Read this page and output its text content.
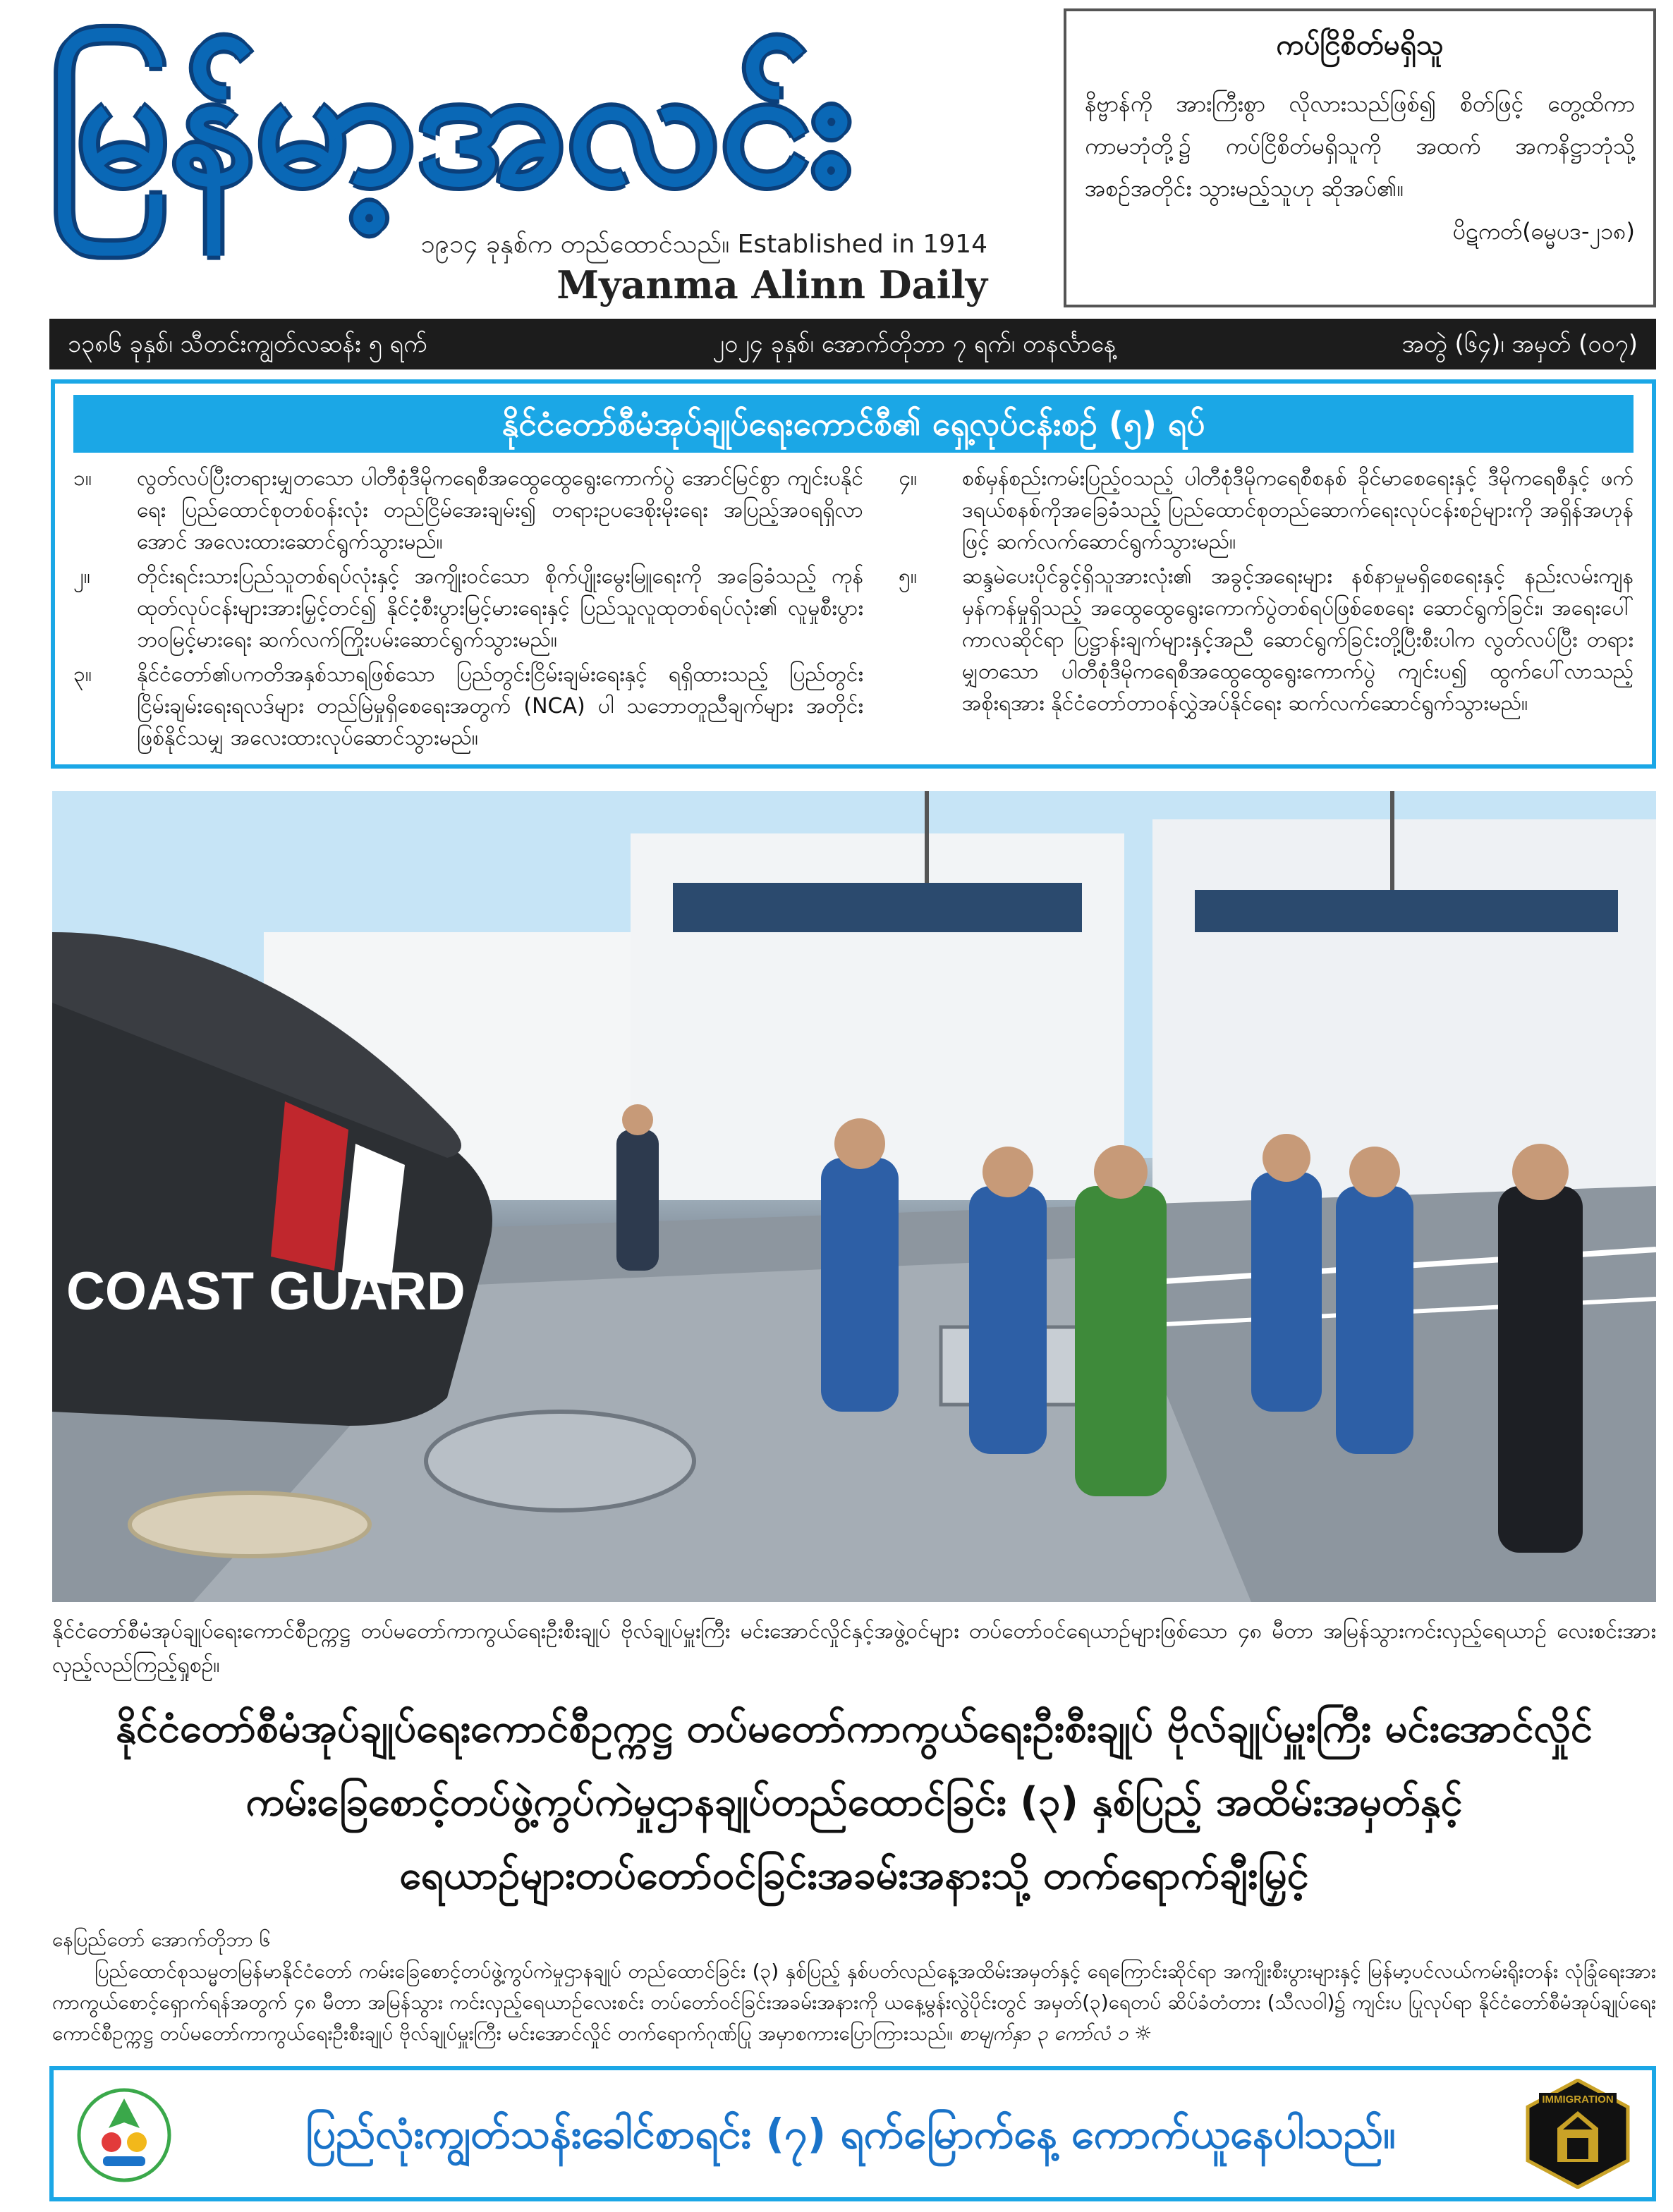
မြန်မာ့အလင်း
၁၉၁၄ ခုနှစ်က တည်ထောင်သည်။ Established in 1914
Myanma Alinn Daily
ကပ်ငြိစိတ်မရှိသူ
နိဗ္ဗာန်ကို အားကြီးစွာ လိုလားသည်ဖြစ်၍ စိတ်ဖြင့် တွေ့ထိကာ ကာမဘုံတို့၌ ကပ်ငြိစိတ်မရှိသူကို အထက် အကနိဋ္ဌာဘုံသို့ အစဉ်အတိုင်း သွားမည့်သူဟု ဆိုအပ်၏။
ပိဋကတ်(ဓမ္မပဒ-၂၁၈)
၁၃၈၆ ခုနှစ်၊ သီတင်းကျွတ်လဆန်း ၅ ရက်	၂၀၂၄ ခုနှစ်၊ အောက်တိုဘာ ၇ ရက်၊ တနင်္လာနေ့	အတွဲ (၆၄)၊ အမှတ် (၀၀၇)
နိုင်ငံတော်စီမံအုပ်ချုပ်ရေးကောင်စီ၏ ရှေ့လုပ်ငန်းစဉ် (၅) ရပ်
၁။	လွတ်လပ်ပြီးတရားမျှတသော ပါတီစုံဒီမိုကရေစီအထွေထွေရွေးကောက်ပွဲ အောင်မြင်စွာ ကျင်းပနိုင်ရေး ပြည်ထောင်စုတစ်ဝန်းလုံး တည်ငြိမ်အေးချမ်း၍ တရားဥပဒေစိုးမိုးရေး အပြည့်အဝရရှိလာအောင် အလေးထားဆောင်ရွက်သွားမည်။
၂။	တိုင်းရင်းသားပြည်သူတစ်ရပ်လုံးနှင့် အကျိုးဝင်သော စိုက်ပျိုးမွေးမြူရေးကို အခြေခံသည့် ကုန်ထုတ်လုပ်ငန်းများအားမြှင့်တင်၍ နိုင်ငံ့စီးပွားမြင့်မားရေးနှင့် ပြည်သူလူထုတစ်ရပ်လုံး၏ လူမှုစီးပွားဘဝမြင့်မားရေး ဆက်လက်ကြိုးပမ်းဆောင်ရွက်သွားမည်။
၃။	နိုင်ငံတော်၏ပကတိအနှစ်သာရဖြစ်သော ပြည်တွင်းငြိမ်းချမ်းရေးနှင့် ရရှိထားသည့် ပြည်တွင်း ငြိမ်းချမ်းရေးရလဒ်များ တည်မြဲမှုရှိစေရေးအတွက် (NCA) ပါ သဘောတူညီချက်များ အတိုင်း ဖြစ်နိုင်သမျှ အလေးထားလုပ်ဆောင်သွားမည်။
၄။	စစ်မှန်စည်းကမ်းပြည့်ဝသည့် ပါတီစုံဒီမိုကရေစီစနစ် ခိုင်မာစေရေးနှင့် ဒီမိုကရေစီနှင့် ဖက်ဒရယ်စနစ်ကိုအခြေခံသည့် ပြည်ထောင်စုတည်ဆောက်ရေးလုပ်ငန်းစဉ်များကို အရှိန်အဟုန်ဖြင့် ဆက်လက်ဆောင်ရွက်သွားမည်။
၅။	ဆန္ဒမဲပေးပိုင်ခွင့်ရှိသူအားလုံး၏ အခွင့်အရေးများ နစ်နာမှုမရှိစေရေးနှင့် နည်းလမ်းကျနမှန်ကန်မှုရှိသည့် အထွေထွေရွေးကောက်ပွဲတစ်ရပ်ဖြစ်စေရေး ဆောင်ရွက်ခြင်း၊ အရေးပေါ်ကာလဆိုင်ရာ ပြဋ္ဌာန်းချက်များနှင့်အညီ ဆောင်ရွက်ခြင်းတို့ပြီးစီးပါက လွတ်လပ်ပြီး တရားမျှတသော ပါတီစုံဒီမိုကရေစီအထွေထွေရွေးကောက်ပွဲ ကျင်းပ၍ ထွက်ပေါ်လာသည့် အစိုးရအား နိုင်ငံတော်တာဝန်လွှဲအပ်နိုင်ရေး ဆက်လက်ဆောင်ရွက်သွားမည်။
COAST GUARD
နိုင်ငံတော်စီမံအုပ်ချုပ်ရေးကောင်စီဥက္ကဋ္ဌ တပ်မတော်ကာကွယ်ရေးဦးစီးချုပ် ဗိုလ်ချုပ်မှူးကြီး မင်းအောင်လှိုင်နှင့်အဖွဲ့ဝင်များ တပ်တော်ဝင်ရေယာဉ်များဖြစ်သော ၄၈ မီတာ အမြန်သွားကင်းလှည့်ရေယာဉ် လေးစင်းအား လှည့်လည်ကြည့်ရှုစဉ်။
နိုင်ငံတော်စီမံအုပ်ချုပ်ရေးကောင်စီဥက္ကဋ္ဌ တပ်မတော်ကာကွယ်ရေးဦးစီးချုပ် ဗိုလ်ချုပ်မှူးကြီး မင်းအောင်လှိုင်
ကမ်းခြေစောင့်တပ်ဖွဲ့ကွပ်ကဲမှုဌာနချုပ်တည်ထောင်ခြင်း (၃) နှစ်ပြည့် အထိမ်းအမှတ်နှင့်
ရေယာဉ်များတပ်တော်ဝင်ခြင်းအခမ်းအနားသို့ တက်ရောက်ချီးမြှင့်
နေပြည်တော် အောက်တိုဘာ ၆
ပြည်ထောင်စုသမ္မတမြန်မာနိုင်ငံတော် ကမ်းခြေစောင့်တပ်ဖွဲ့ကွပ်ကဲမှုဌာနချုပ် တည်ထောင်ခြင်း (၃) နှစ်ပြည့် နှစ်ပတ်လည်နေ့အထိမ်းအမှတ်နှင့် ရေကြောင်းဆိုင်ရာ အကျိုးစီးပွားများနှင့် မြန်မာ့ပင်လယ်ကမ်းရိုးတန်း လုံခြုံရေးအား ကာကွယ်စောင့်ရှောက်ရန်အတွက် ၄၈ မီတာ အမြန်သွား ကင်းလှည့်ရေယာဉ်လေးစင်း တပ်တော်ဝင်ခြင်းအခမ်းအနားကို ယနေ့မွန်းလွဲပိုင်းတွင် အမှတ်(၃)ရေတပ် ဆိပ်ခံတံတား (သီလဝါ)၌ ကျင်းပ ပြုလုပ်ရာ နိုင်ငံတော်စီမံအုပ်ချုပ်ရေးကောင်စီဥက္ကဋ္ဌ တပ်မတော်ကာကွယ်ရေးဦးစီးချုပ် ဗိုလ်ချုပ်မှူးကြီး မင်းအောင်လှိုင် တက်ရောက်ဂုဏ်ပြု အမှာစကားပြောကြားသည်။ စာမျက်နှာ ၃ ကော်လံ ၁ ☼
ပြည်လုံးကျွတ်သန်းခေါင်စာရင်း (၇) ရက်မြောက်နေ့ ကောက်ယူနေပါသည်။
IMMIGRATION
